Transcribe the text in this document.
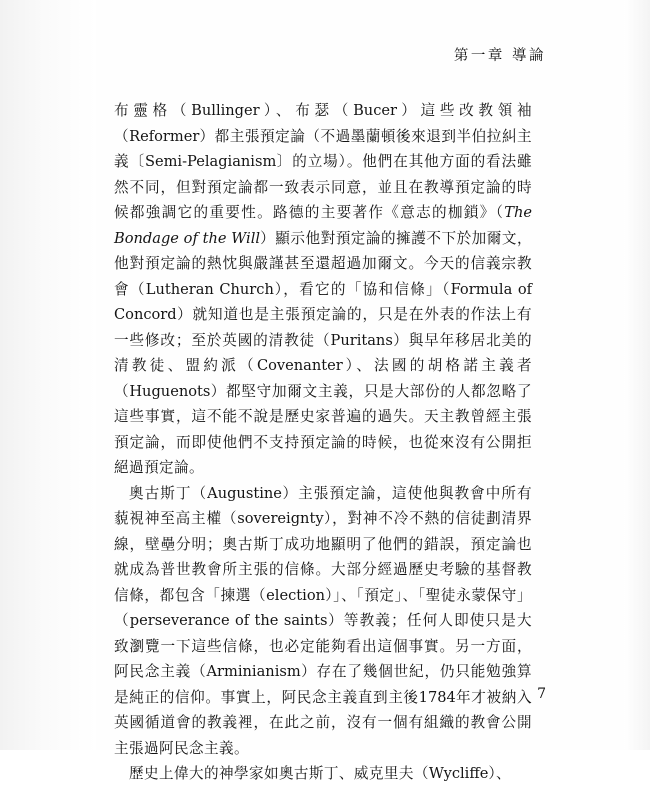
第一章 導論

布靈格（Bullinger）、布瑟（Bucer）這些改教領袖（Reformer）都主張預定論（不過墨蘭頓後來退到半伯拉糾主義〔Semi-Pelagianism〕的立場）。他們在其他方面的看法雖然不同，但對預定論都一致表示同意，並且在教導預定論的時候都強調它的重要性。路德的主要著作《意志的枷鎖》（The Bondage of the Will）顯示他對預定論的擁護不下於加爾文，他對預定論的熱忱與嚴謹甚至還超過加爾文。今天的信義宗教會（Lutheran Church），看它的「協和信條」（Formula of Concord）就知道也是主張預定論的，只是在外表的作法上有一些修改；至於英國的清教徒（Puritans）與早年移居北美的清教徒、盟約派（Covenanter）、法國的胡格諾主義者（Huguenots）都堅守加爾文主義，只是大部份的人都忽略了這些事實，這不能不說是歷史家普遍的過失。天主教曾經主張預定論，而即使他們不支持預定論的時候，也從來沒有公開拒絕過預定論。

奧古斯丁（Augustine）主張預定論，這使他與教會中所有藐視神至高主權（sovereignty），對神不冷不熱的信徒劃清界線，壁壘分明；奧古斯丁成功地顯明了他們的錯誤，預定論也就成為普世教會所主張的信條。大部分經過歷史考驗的基督教信條，都包含「揀選（election）」、「預定」、「聖徒永蒙保守」（perseverance of the saints）等教義；任何人即使只是大致瀏覽一下這些信條，也必定能夠看出這個事實。另一方面，阿民念主義（Arminianism）存在了幾個世紀，仍只能勉強算是純正的信仰。事實上，阿民念主義直到主後1784年才被納入英國循道會的教義裡，在此之前，沒有一個有組織的教會公開主張過阿民念主義。

歷史上偉大的神學家如奧古斯丁、威克里夫（Wycliffe）、

7
